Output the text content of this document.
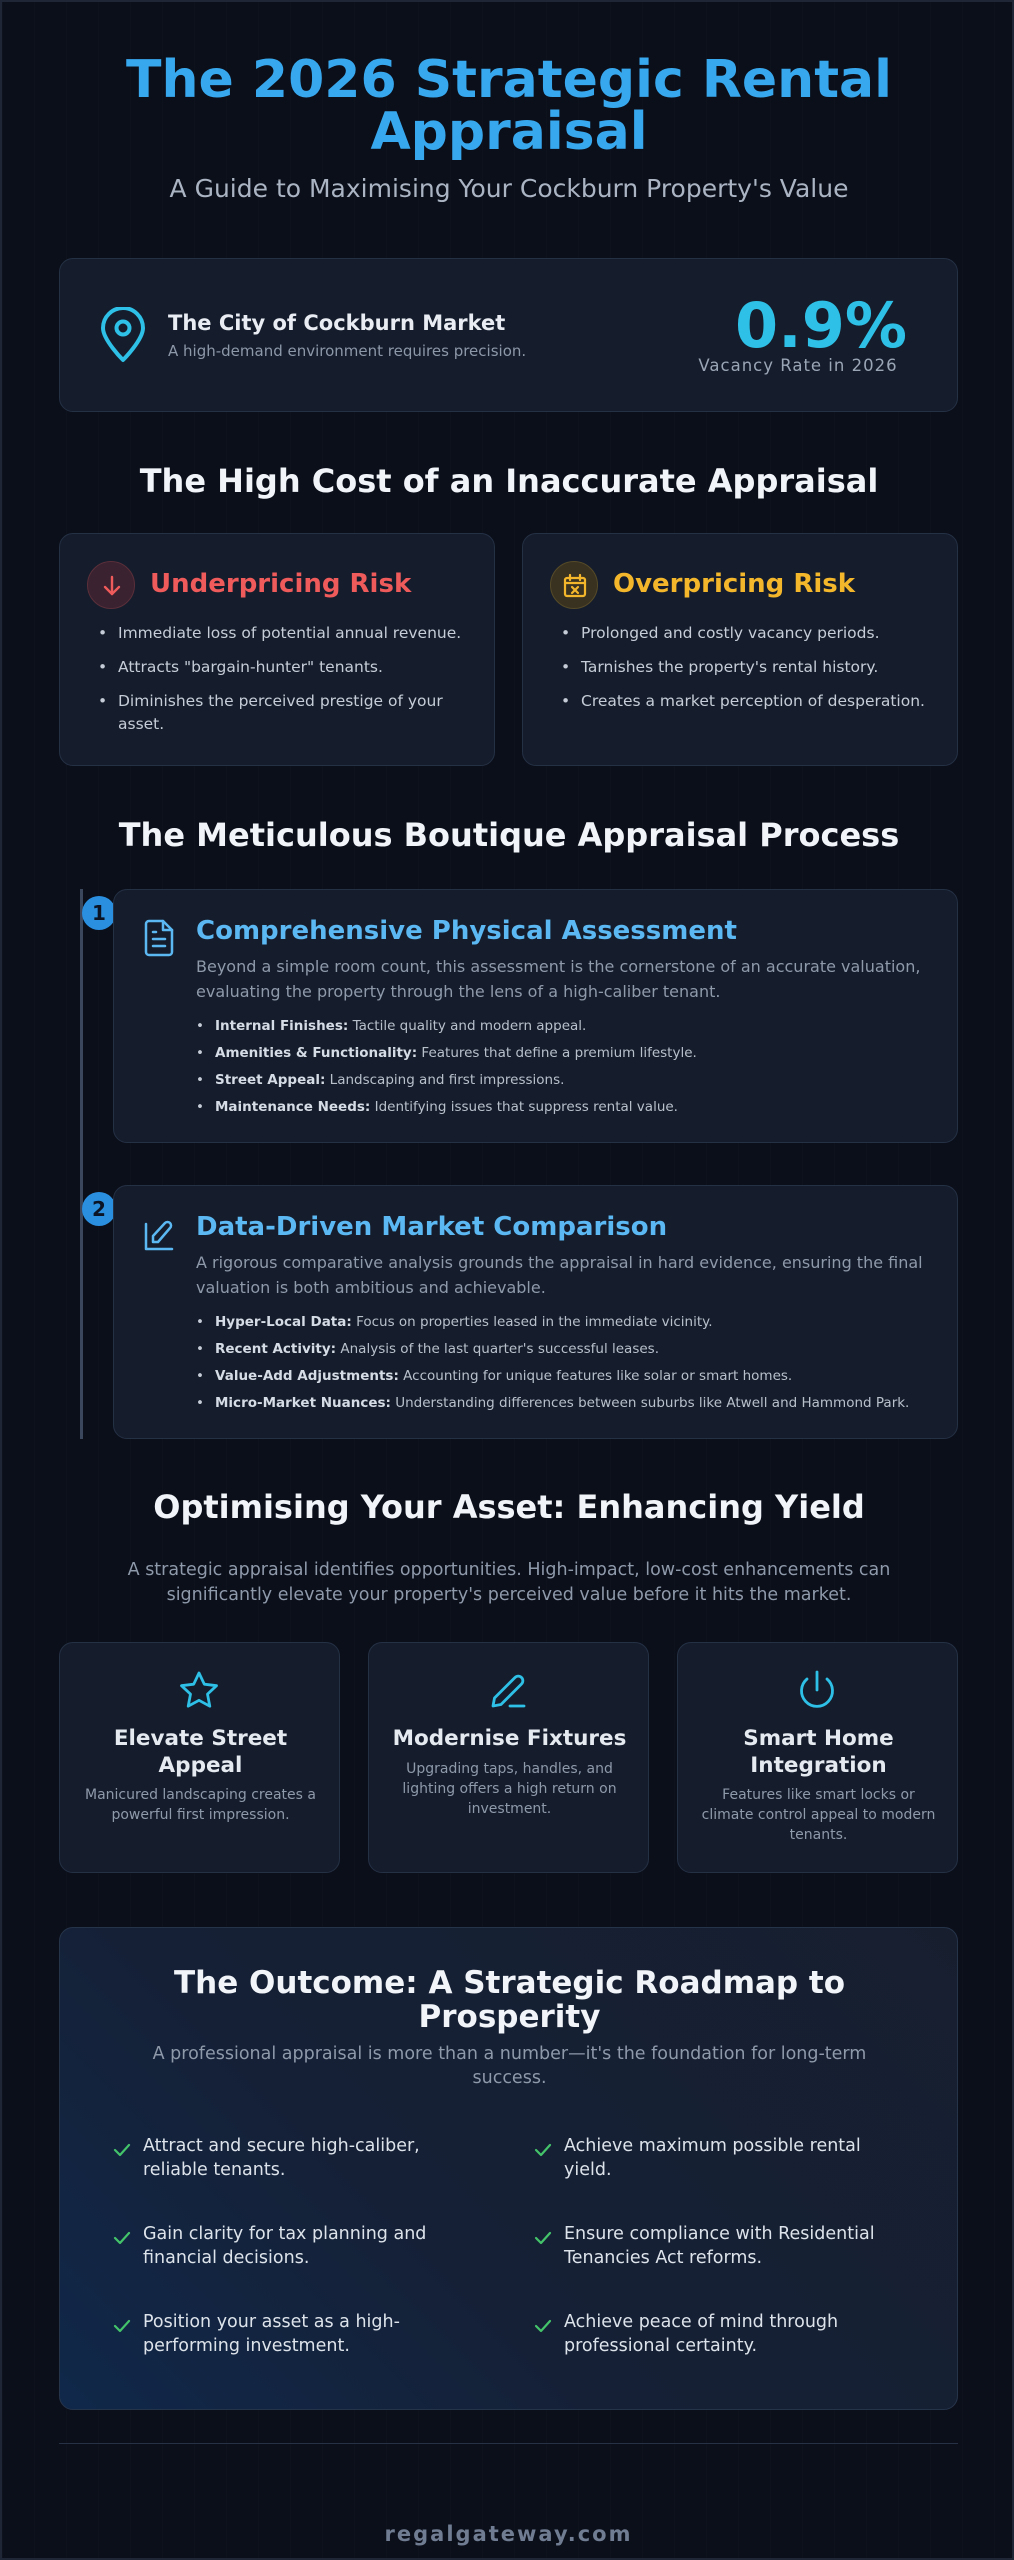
The 2026 Strategic Rental Appraisal

A Guide to Maximising Your Cockburn Property's Value

The City of Cockburn Market
A high-demand environment requires precision.	0.9%
Vacancy Rate in 2026
The High Cost of an Inaccurate Appraisal
Underpricing Risk
• Immediate loss of potential annual revenue.
• Attracts "bargain-hunter" tenants.
• Diminishes the perceived prestige of your asset.
Overpricing Risk
• Prolonged and costly vacancy periods.
• Tarnishes the property's rental history.
• Creates a market perception of desperation.
The Meticulous Boutique Appraisal Process
1
Comprehensive Physical Assessment
Beyond a simple room count, this assessment is the cornerstone of an accurate valuation, evaluating the property through the lens of a high-caliber tenant.
• Internal Finishes: Tactile quality and modern appeal.
• Amenities & Functionality: Features that define a premium lifestyle.
• Street Appeal: Landscaping and first impressions.
• Maintenance Needs: Identifying issues that suppress rental value.
2
Data-Driven Market Comparison
A rigorous comparative analysis grounds the appraisal in hard evidence, ensuring the final valuation is both ambitious and achievable.
• Hyper-Local Data: Focus on properties leased in the immediate vicinity.
• Recent Activity: Analysis of the last quarter's successful leases.
• Value-Add Adjustments: Accounting for unique features like solar or smart homes.
• Micro-Market Nuances: Understanding differences between suburbs like Atwell and Hammond Park.
Optimising Your Asset: Enhancing Yield

A strategic appraisal identifies opportunities. High-impact, low-cost enhancements can significantly elevate your property's perceived value before it hits the market.

Elevate Street Appeal
Manicured landscaping creates a powerful first impression.
Modernise Fixtures
Upgrading taps, handles, and lighting offers a high return on investment.
Smart Home Integration
Features like smart locks or climate control appeal to modern tenants.
The Outcome: A Strategic Roadmap to Prosperity
A professional appraisal is more than a number—it's the foundation for long-term success.
Attract and secure high-caliber, reliable tenants.
Achieve maximum possible rental yield.
Gain clarity for tax planning and financial decisions.
Ensure compliance with Residential Tenancies Act reforms.
Position your asset as a high-performing investment.
Achieve peace of mind through professional certainty.
regalgateway.com
